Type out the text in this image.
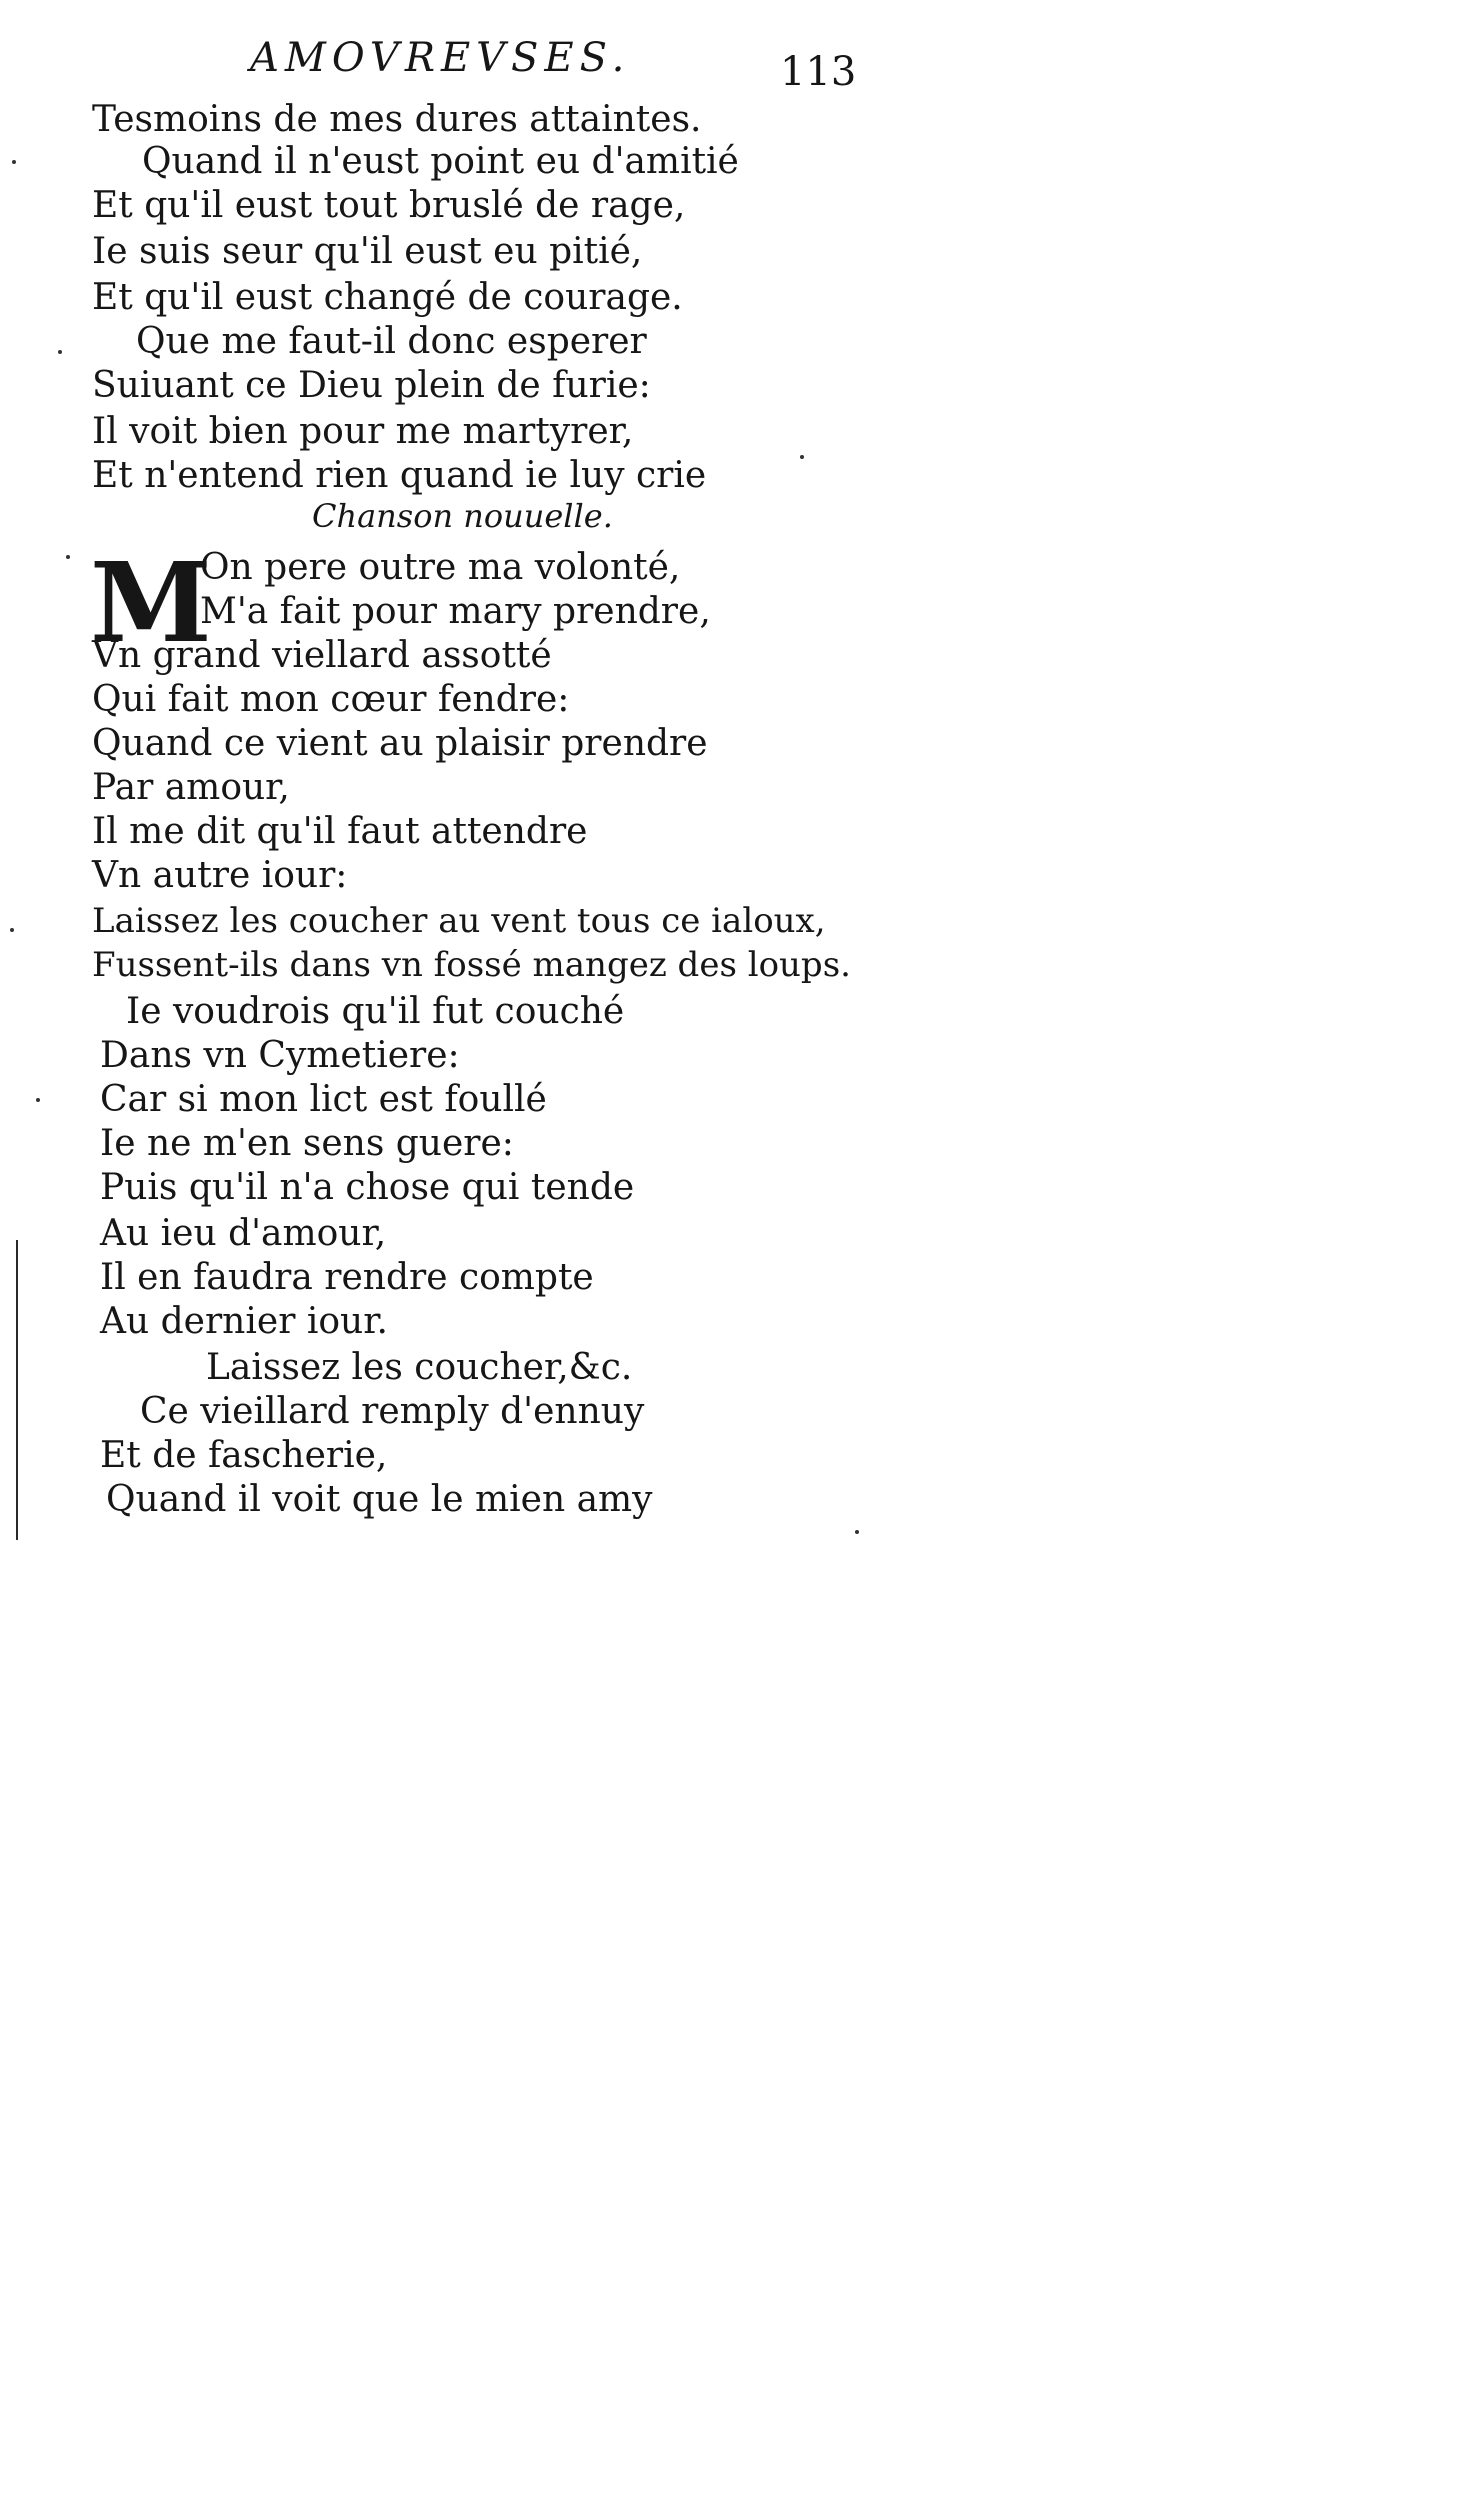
AMOVREVSES.	113
Tesmoins de mes dures attaintes.
Quand il n'eust point eu d'amitié
Et qu'il eust tout bruslé de rage,
Ie suis seur qu'il eust eu pitié,
Et qu'il eust changé de courage.
Que me faut-il donc esperer
Suiuant ce Dieu plein de furie:
Il voit bien pour me martyrer,
Et n'entend rien quand ie luy crie
Chanson nouuelle.
M
On pere outre ma volonté,
M'a fait pour mary prendre,
Vn grand viellard assotté
Qui fait mon cœur fendre:
Quand ce vient au plaisir prendre
Par amour,
Il me dit qu'il faut attendre
Vn autre iour:
Laissez les coucher au vent tous ce ialoux,
Fussent-ils dans vn fossé mangez des loups.
Ie voudrois qu'il fut couché
Dans vn Cymetiere:
Car si mon lict est foullé
Ie ne m'en sens guere:
Puis qu'il n'a chose qui tende
Au ieu d'amour,
Il en faudra rendre compte
Au dernier iour.
Laissez les coucher,&c.
Ce vieillard remply d'ennuy
Et de fascherie,
Quand il voit que le mien amy
